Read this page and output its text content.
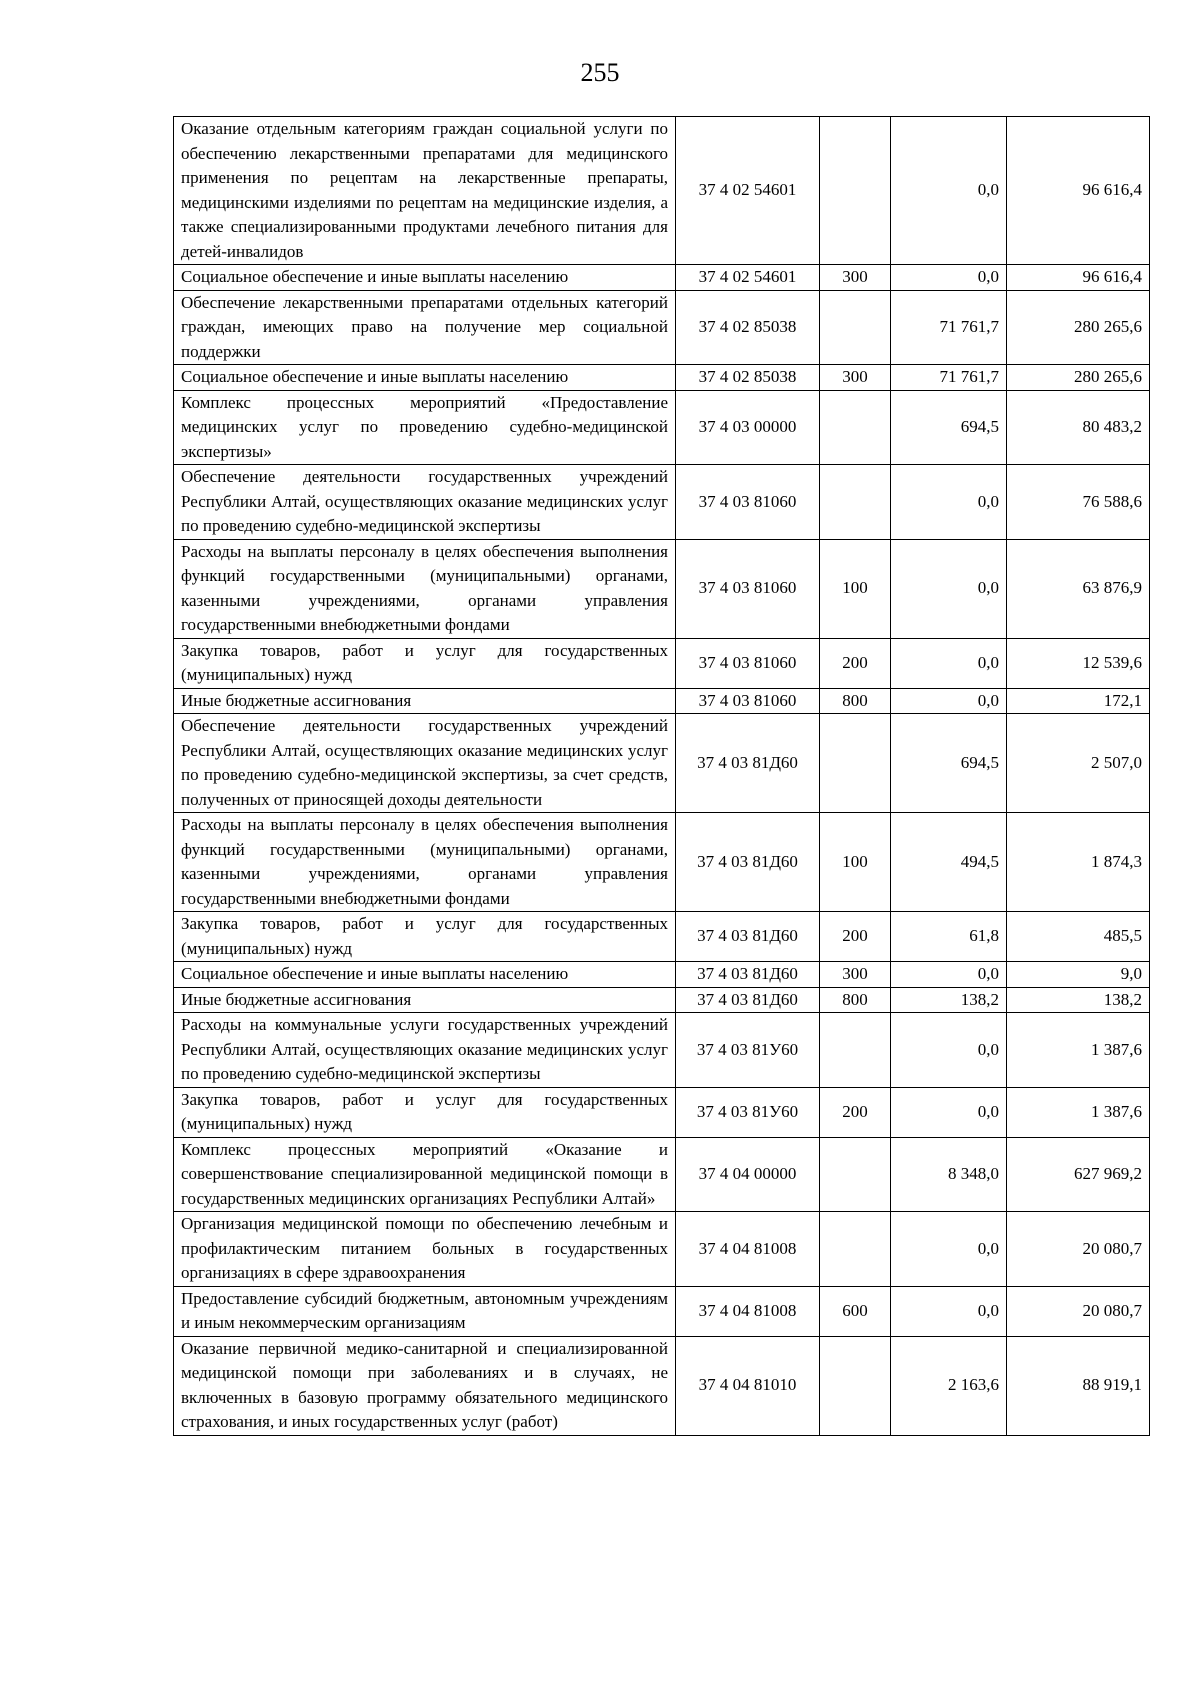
255
Оказание отдельным категориям граждан социальной услуги по обеспечению лекарственными препаратами для медицинского применения по рецептам на лекарственные препараты, медицинскими изделиями по рецептам на медицинские изделия, а также специализированными продуктами лечебного питания для детей-инвалидов	37 4 02 54601		0,0	96 616,4
Социальное обеспечение и иные выплаты населению	37 4 02 54601	300	0,0	96 616,4
Обеспечение лекарственными препаратами отдельных категорий граждан, имеющих право на получение мер социальной поддержки	37 4 02 85038		71 761,7	280 265,6
Социальное обеспечение и иные выплаты населению	37 4 02 85038	300	71 761,7	280 265,6
Комплекс процессных мероприятий «Предоставление медицинских услуг по проведению судебно-медицинской экспертизы»	37 4 03 00000		694,5	80 483,2
Обеспечение деятельности государственных учреждений Республики Алтай, осуществляющих оказание медицинских услуг по проведению судебно-медицинской экспертизы	37 4 03 81060		0,0	76 588,6
Расходы на выплаты персоналу в целях обеспечения выполнения функций государственными (муниципальными) органами, казенными учреждениями, органами управления государственными внебюджетными фондами	37 4 03 81060	100	0,0	63 876,9
Закупка товаров, работ и услуг для государственных (муниципальных) нужд	37 4 03 81060	200	0,0	12 539,6
Иные бюджетные ассигнования	37 4 03 81060	800	0,0	172,1
Обеспечение деятельности государственных учреждений Республики Алтай, осуществляющих оказание медицинских услуг по проведению судебно-медицинской экспертизы, за счет средств, полученных от приносящей доходы деятельности	37 4 03 81Д60		694,5	2 507,0
Расходы на выплаты персоналу в целях обеспечения выполнения функций государственными (муниципальными) органами, казенными учреждениями, органами управления государственными внебюджетными фондами	37 4 03 81Д60	100	494,5	1 874,3
Закупка товаров, работ и услуг для государственных (муниципальных) нужд	37 4 03 81Д60	200	61,8	485,5
Социальное обеспечение и иные выплаты населению	37 4 03 81Д60	300	0,0	9,0
Иные бюджетные ассигнования	37 4 03 81Д60	800	138,2	138,2
Расходы на коммунальные услуги государственных учреждений Республики Алтай, осуществляющих оказание медицинских услуг по проведению судебно-медицинской экспертизы	37 4 03 81У60		0,0	1 387,6
Закупка товаров, работ и услуг для государственных (муниципальных) нужд	37 4 03 81У60	200	0,0	1 387,6
Комплекс процессных мероприятий «Оказание и совершенствование специализированной медицинской помощи в государственных медицинских организациях Республики Алтай»	37 4 04 00000		8 348,0	627 969,2
Организация медицинской помощи по обеспечению лечебным и профилактическим питанием больных в государственных организациях в сфере здравоохранения	37 4 04 81008		0,0	20 080,7
Предоставление субсидий бюджетным, автономным учреждениям и иным некоммерческим организациям	37 4 04 81008	600	0,0	20 080,7
Оказание первичной медико-санитарной и специализированной медицинской помощи при заболеваниях и в случаях, не включенных в базовую программу обязательного медицинского страхования, и иных государственных услуг (работ)	37 4 04 81010		2 163,6	88 919,1
